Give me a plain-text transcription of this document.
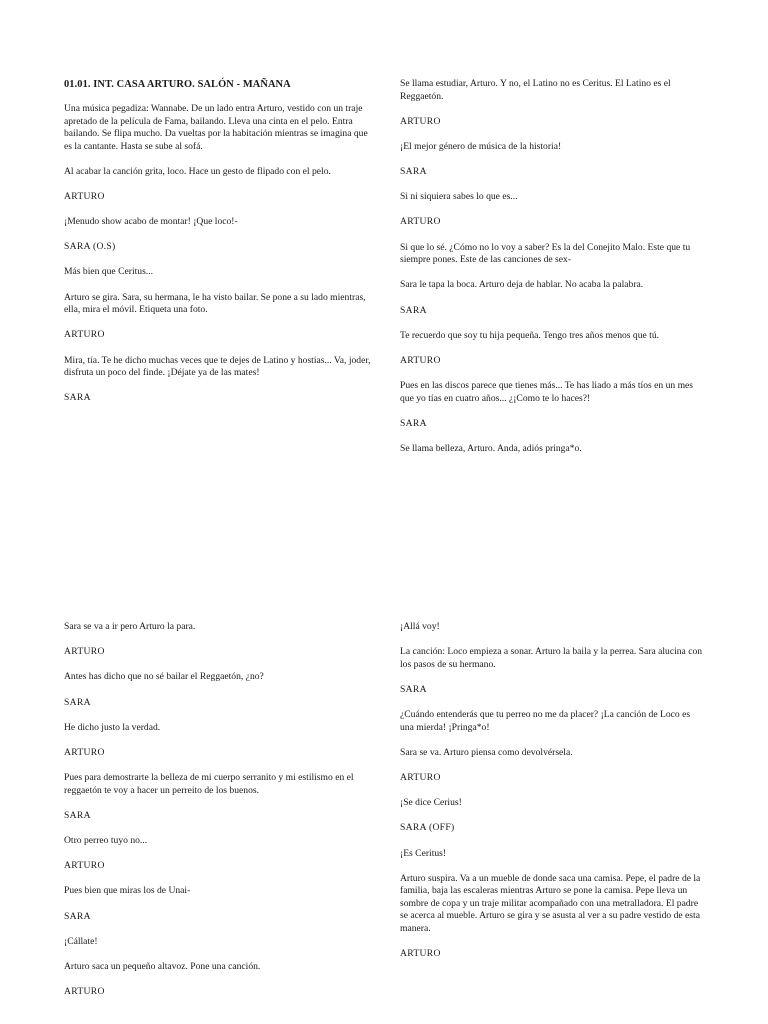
01.01. INT. CASA ARTURO. SALÓN - MAÑANA

Una música pegadiza: Wannabe. De un lado entra Arturo, vestido con un traje apretado de la película de Fama, bailando. Lleva una cinta en el pelo. Entra bailando. Se flipa mucho. Da vueltas por la habitación mientras se imagina que es la cantante. Hasta se sube al sofá.

Al acabar la canción grita, loco. Hace un gesto de flipado con el pelo.

ARTURO

¡Menudo show acabo de montar! ¡Que loco!-

SARA (O.S)

Más bien que Ceritus...

Arturo se gira. Sara, su hermana, le ha visto bailar. Se pone a su lado mientras, ella, mira el móvil. Etiqueta una foto.

ARTURO

Mira, tía. Te he dicho muchas veces que te dejes de Latino y hostias... Va, joder, disfruta un poco del finde. ¡Déjate ya de las mates!

SARA

Se llama estudiar, Arturo. Y no, el Latino no es Ceritus. El Latino es el Reggaetón.

ARTURO

¡El mejor género de música de la historia!

SARA

Si ni siquiera sabes lo que es...

ARTURO

Si que lo sé. ¿Cómo no lo voy a saber? Es la del Conejito Malo. Este que tu siempre pones. Este de las canciones de sex-

Sara le tapa la boca. Arturo deja de hablar. No acaba la palabra.

SARA

Te recuerdo que soy tu hija pequeña. Tengo tres años menos que tú.

ARTURO

Pues en las discos parece que tienes más... Te has liado a más tíos en un mes que yo tías en cuatro años... ¿¡Como te lo haces?!

SARA

Se llama belleza, Arturo. Anda, adiós pringa*o.

Sara se va a ir pero Arturo la para.

ARTURO

Antes has dicho que no sé bailar el Reggaetón, ¿no?

SARA

He dicho justo la verdad.

ARTURO

Pues para demostrarte la belleza de mi cuerpo serranito y mi estilismo en el reggaetón te voy a hacer un perreito de los buenos.

SARA

Otro perreo tuyo no...

ARTURO

Pues bien que miras los de Unai-

SARA

¡Cállate!

Arturo saca un pequeño altavoz. Pone una canción.

ARTURO

¡Allá voy!

La canción: Loco empieza a sonar. Arturo la baila y la perrea. Sara alucina con los pasos de su hermano.

SARA

¿Cuándo entenderás que tu perreo no me da placer? ¡La canción de Loco es una mierda! ¡Pringa*o!

Sara se va. Arturo piensa como devolvérsela.

ARTURO

¡Se dice Cerius!

SARA (OFF)

¡Es Ceritus!

Arturo suspira. Va a un mueble de donde saca una camisa. Pepe, el padre de la familia, baja las escaleras mientras Arturo se pone la camisa. Pepe lleva un sombre de copa y un traje militar acompañado con una metralladora. El padre se acerca al mueble. Arturo se gira y se asusta al ver a su padre vestido de esta manera.

ARTURO
